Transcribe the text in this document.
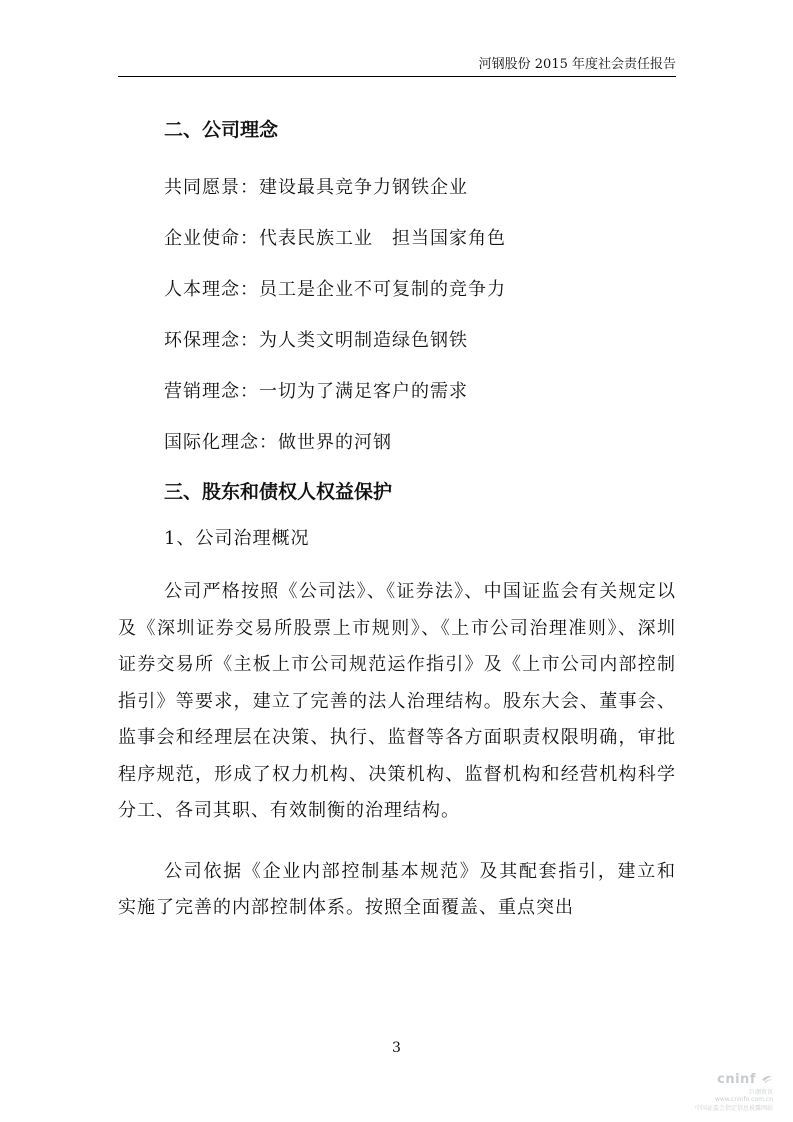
河钢股份 2015 年度社会责任报告
二、公司理念
共同愿景：建设最具竞争力钢铁企业
企业使命：代表民族工业　担当国家角色
人本理念：员工是企业不可复制的竞争力
环保理念：为人类文明制造绿色钢铁
营销理念：一切为了满足客户的需求
国际化理念：做世界的河钢
三、股东和债权人权益保护
1、公司治理概况

公司严格按照《公司法》、《证券法》、中国证监会有关规定以及《深圳证券交易所股票上市规则》、《上市公司治理准则》、深圳证券交易所《主板上市公司规范运作指引》及《上市公司内部控制指引》等要求，建立了完善的法人治理结构。股东大会、董事会、监事会和经理层在决策、执行、监督等各方面职责权限明确，审批程序规范，形成了权力机构、决策机构、监督机构和经营机构科学分工、各司其职、有效制衡的治理结构。

公司依据《企业内部控制基本规范》及其配套指引，建立和实施了完善的内部控制体系。按照全面覆盖、重点突出

3
cninf
巨潮资讯
www.cninfo.com.cn
中国证监会指定信息披露网站
